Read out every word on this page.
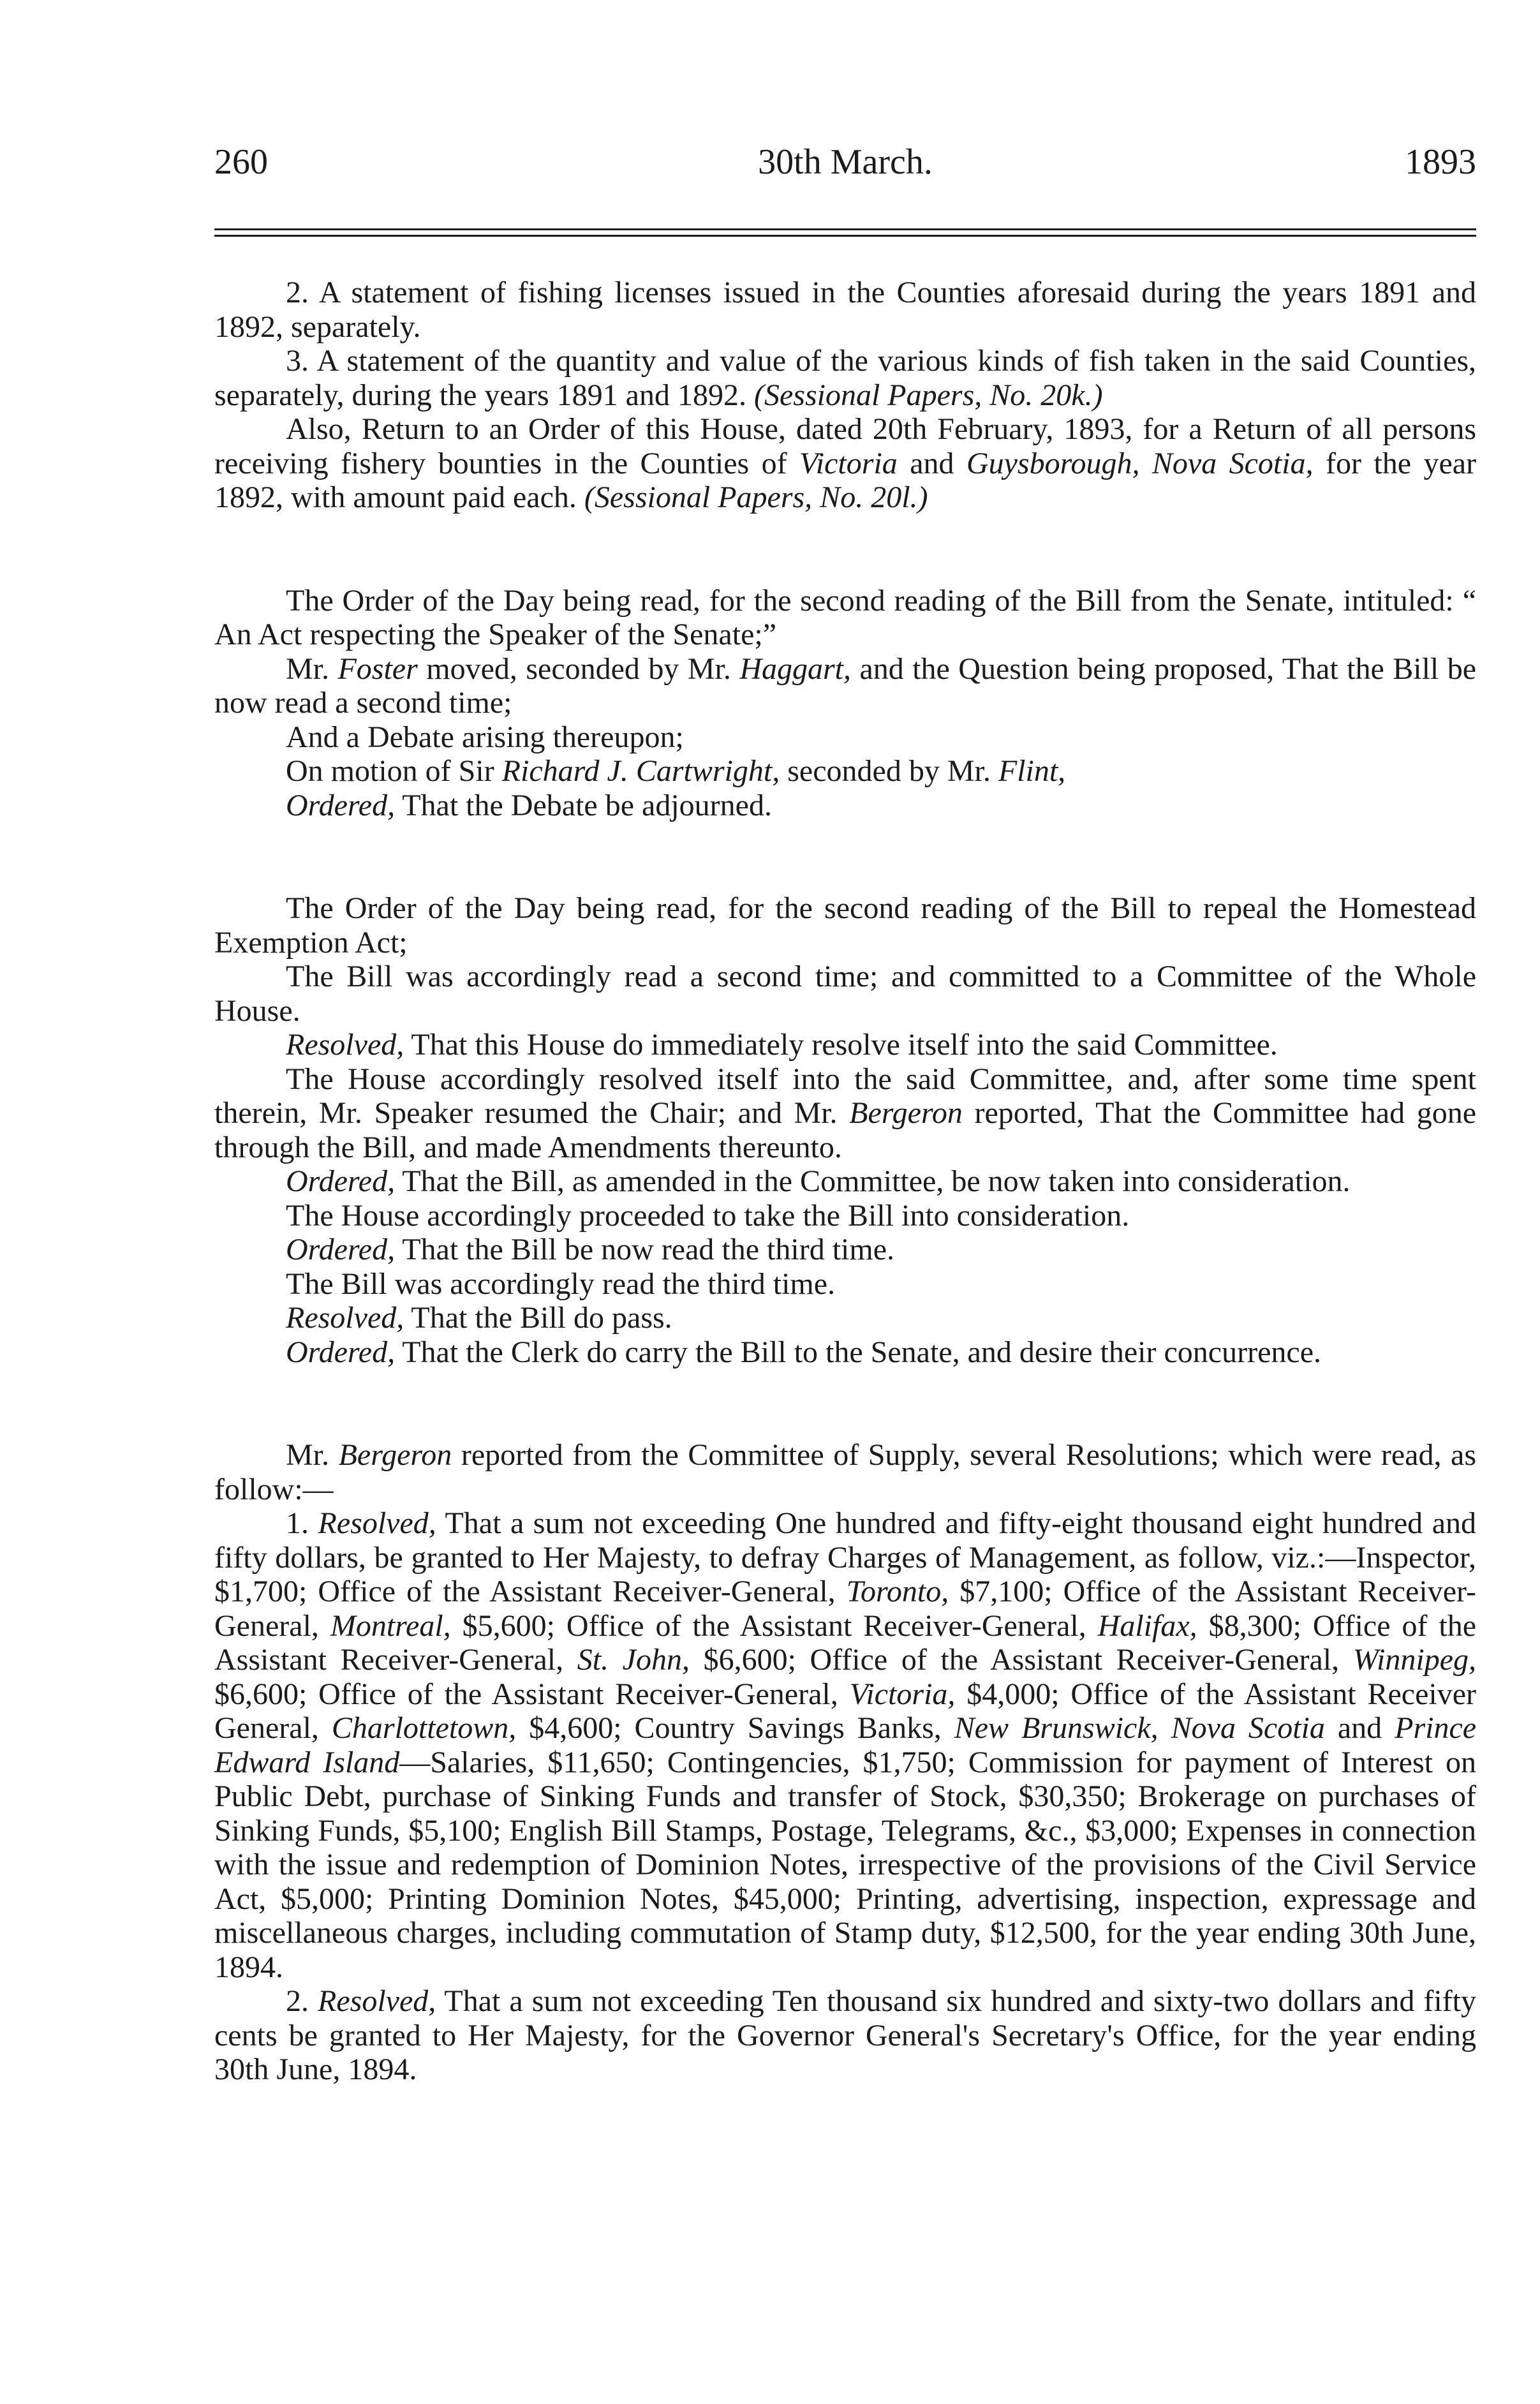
260	30th March.	1893

2. A statement of fishing licenses issued in the Counties aforesaid during the years 1891 and 1892, separately.

3. A statement of the quantity and value of the various kinds of fish taken in the said Counties, separately, during the years 1891 and 1892. (Sessional Papers, No. 20k.)

Also, Return to an Order of this House, dated 20th February, 1893, for a Return of all persons receiving fishery bounties in the Counties of Victoria and Guysborough, Nova Scotia, for the year 1892, with amount paid each. (Sessional Papers, No. 20l.)

The Order of the Day being read, for the second reading of the Bill from the Senate, intituled: “ An Act respecting the Speaker of the Senate;”

Mr. Foster moved, seconded by Mr. Haggart, and the Question being proposed, That the Bill be now read a second time;

And a Debate arising thereupon;

On motion of Sir Richard J. Cartwright, seconded by Mr. Flint,

Ordered, That the Debate be adjourned.

The Order of the Day being read, for the second reading of the Bill to repeal the Homestead Exemption Act;

The Bill was accordingly read a second time; and committed to a Committee of the Whole House.

Resolved, That this House do immediately resolve itself into the said Committee.

The House accordingly resolved itself into the said Committee, and, after some time spent therein, Mr. Speaker resumed the Chair; and Mr. Bergeron reported, That the Committee had gone through the Bill, and made Amendments thereunto.

Ordered, That the Bill, as amended in the Committee, be now taken into consideration.

The House accordingly proceeded to take the Bill into consideration.

Ordered, That the Bill be now read the third time.

The Bill was accordingly read the third time.

Resolved, That the Bill do pass.

Ordered, That the Clerk do carry the Bill to the Senate, and desire their concurrence.

Mr. Bergeron reported from the Committee of Supply, several Resolutions; which were read, as follow:—

1. Resolved, That a sum not exceeding One hundred and fifty-eight thousand eight hundred and fifty dollars, be granted to Her Majesty, to defray Charges of Management, as follow, viz.:—Inspector, $1,700; Office of the Assistant Receiver-General, Toronto, $7,100; Office of the Assistant Receiver-General, Montreal, $5,600; Office of the Assistant Receiver-General, Halifax, $8,300; Office of the Assistant Receiver-General, St. John, $6,600; Office of the Assistant Receiver-General, Winnipeg, $6,600; Office of the Assistant Receiver-General, Victoria, $4,000; Office of the Assistant Receiver General, Charlottetown, $4,600; Country Savings Banks, New Brunswick, Nova Scotia and Prince Edward Island—Salaries, $11,650; Contingencies, $1,750; Commission for payment of Interest on Public Debt, purchase of Sinking Funds and transfer of Stock, $30,350; Brokerage on purchases of Sinking Funds, $5,100; English Bill Stamps, Postage, Telegrams, &c., $3,000; Expenses in connection with the issue and redemption of Dominion Notes, irrespective of the provisions of the Civil Service Act, $5,000; Printing Dominion Notes, $45,000; Printing, advertising, inspection, expressage and miscellaneous charges, including commutation of Stamp duty, $12,500, for the year ending 30th June, 1894.

2. Resolved, That a sum not exceeding Ten thousand six hundred and sixty-two dollars and fifty cents be granted to Her Majesty, for the Governor General's Secretary's Office, for the year ending 30th June, 1894.
